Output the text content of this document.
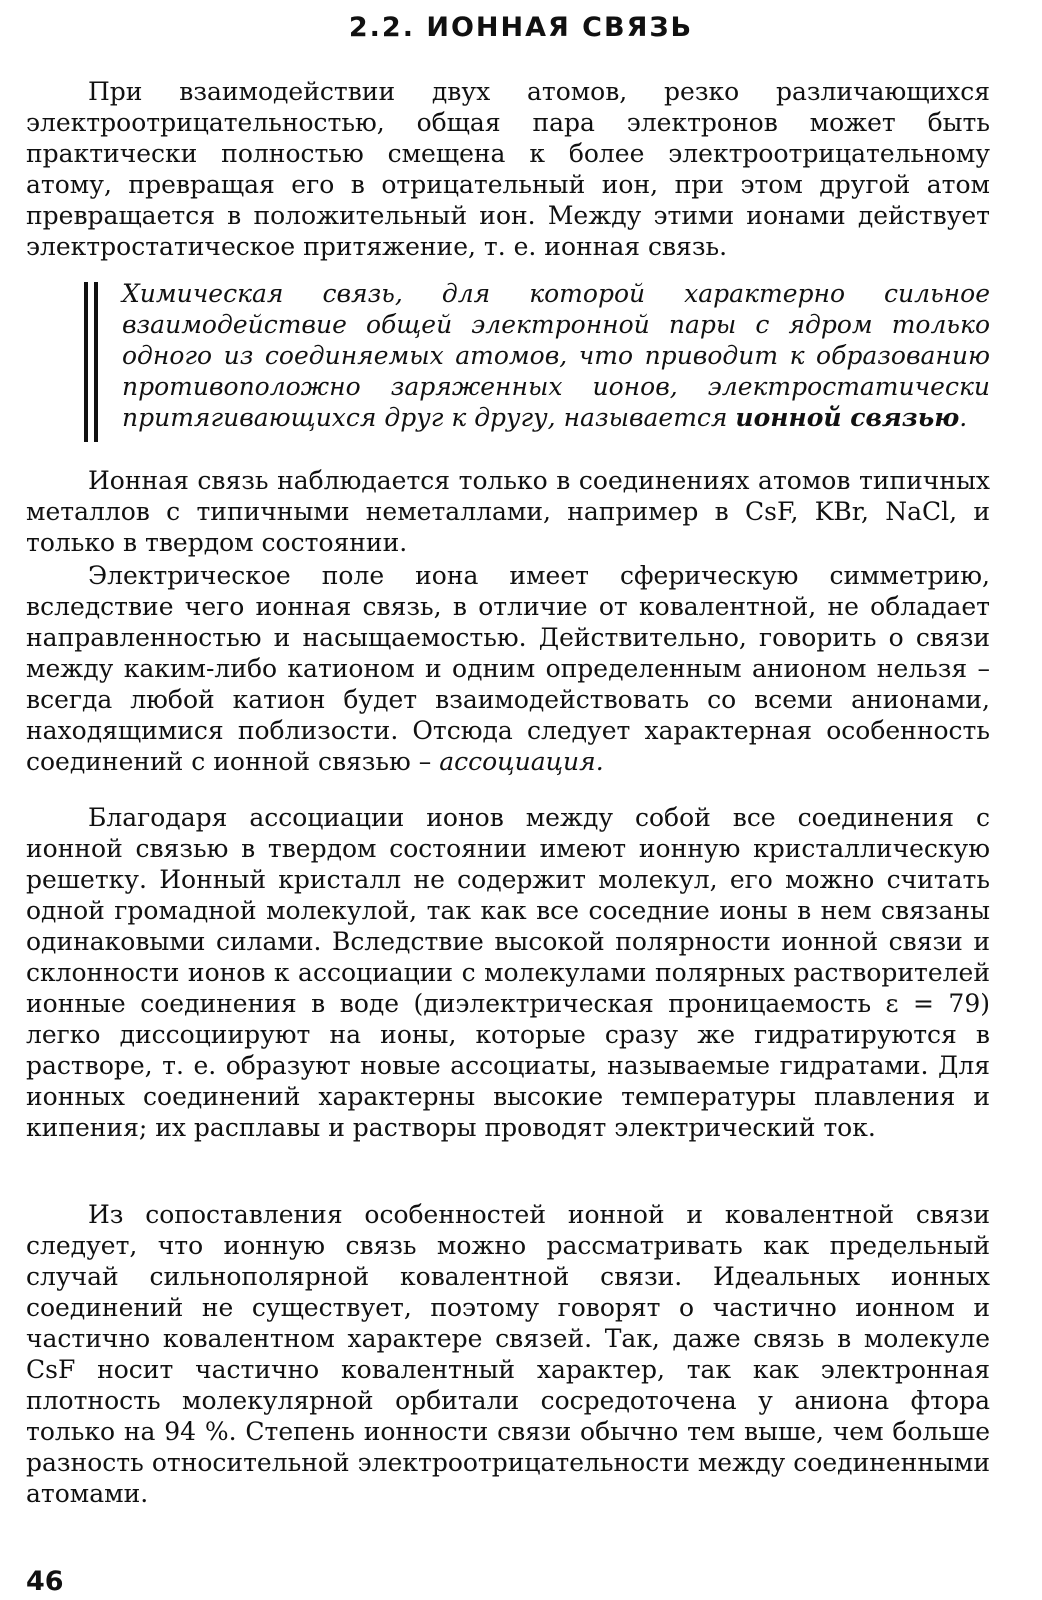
2.2. ИОННАЯ СВЯЗЬ

При взаимодействии двух атомов, резко различающихся электроотрицательностью, общая пара электронов может быть практически полностью смещена к более электроотрицательному атому, превращая его в отрицательный ион, при этом другой атом превращается в положительный ион. Между этими ионами действует электростатическое притяжение, т. е. ионная связь.

Химическая связь, для которой характерно сильное взаимодействие общей электронной пары с ядром только одного из соединяемых атомов, что приводит к образованию противоположно заряженных ионов, электростатически притягивающихся друг к другу, называется ионной связью.

Ионная связь наблюдается только в соединениях атомов типичных металлов с типичными неметаллами, например в CsF, KBr, NaCl, и только в твердом состоянии.

Электрическое поле иона имеет сферическую симметрию, вследствие чего ионная связь, в отличие от ковалентной, не обладает направленностью и насыщаемостью. Действительно, говорить о связи между каким-либо катионом и одним определенным анионом нельзя – всегда любой катион будет взаимодействовать со всеми анионами, находящимися поблизости. Отсюда следует характерная особенность соединений с ионной связью – ассоциация.

Благодаря ассоциации ионов между собой все соединения с ионной связью в твердом состоянии имеют ионную кристаллическую решетку. Ионный кристалл не содержит молекул, его можно считать одной громадной молекулой, так как все соседние ионы в нем связаны одинаковыми силами. Вследствие высокой полярности ионной связи и склонности ионов к ассоциации с молекулами полярных растворителей ионные соединения в воде (диэлектрическая проницаемость ε = 79) легко диссоциируют на ионы, которые сразу же гидратируются в растворе, т. е. образуют новые ассоциаты, называемые гидратами. Для ионных соединений характерны высокие температуры плавления и кипения; их расплавы и растворы проводят электрический ток.

Из сопоставления особенностей ионной и ковалентной связи следует, что ионную связь можно рассматривать как предельный случай сильнополярной ковалентной связи. Идеальных ионных соединений не существует, поэтому говорят о частично ионном и частично ковалентном характере связей. Так, даже связь в молекуле CsF носит частично ковалентный характер, так как электронная плотность молекулярной орбитали сосредоточена у аниона фтора только на 94 %. Степень ионности связи обычно тем выше, чем больше разность относительной электроотрицательности между соединенными атомами.

46
